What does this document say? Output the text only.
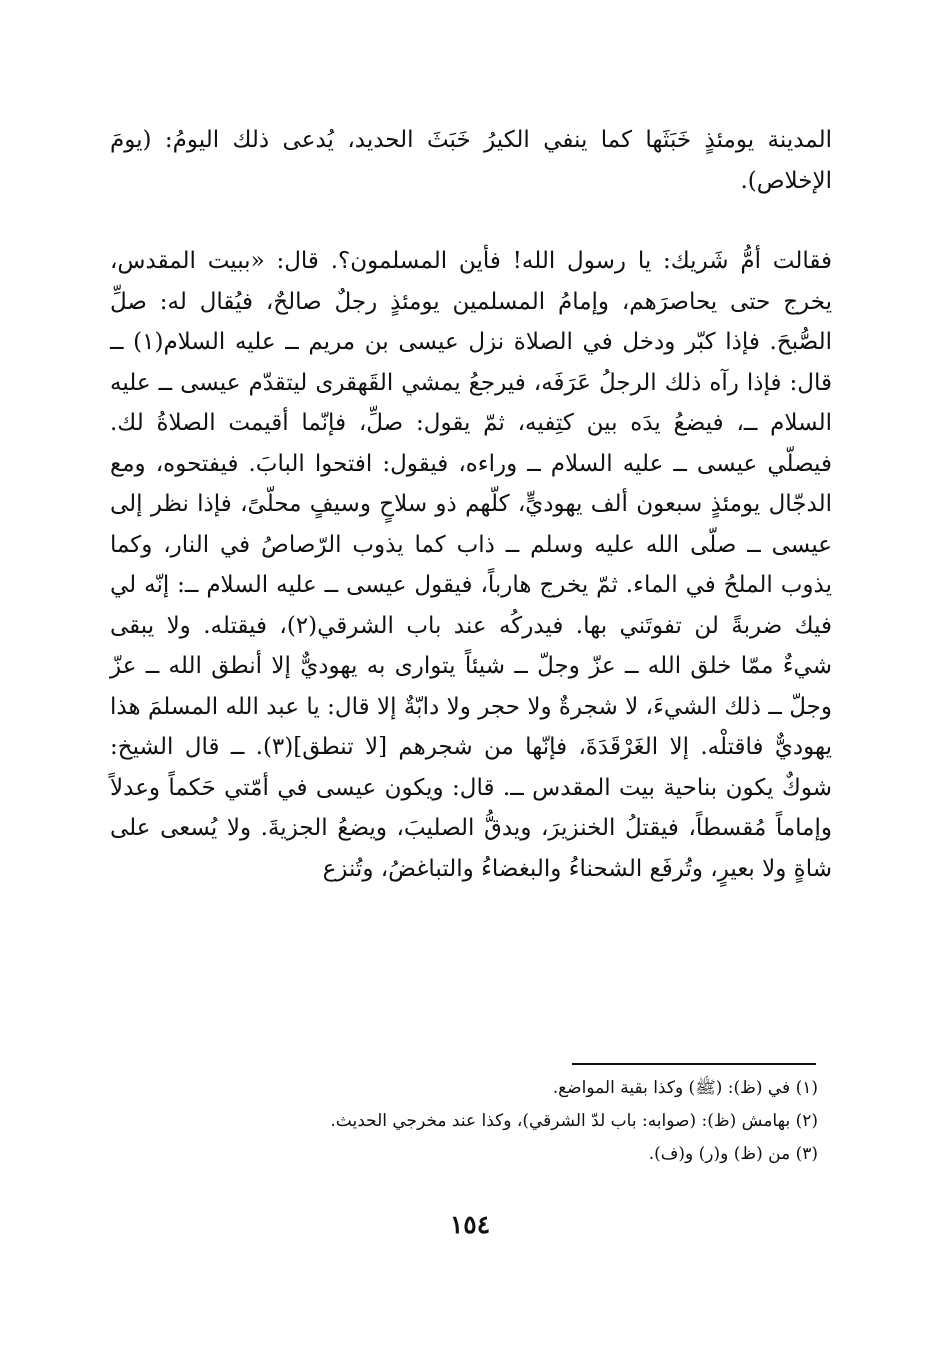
المدينة يومئذٍ خَبَثَها كما ينفي الكيرُ خَبَثَ الحديد، يُدعى ذلك اليومُ: (يومَ الإخلاص).

فقالت أمُّ شَريك: يا رسول الله! فأين المسلمون؟. قال: «ببيت المقدس، يخرج حتى يحاصرَهم، وإمامُ المسلمين يومئذٍ رجلٌ صالحٌ، فيُقال له: صلِّ الصُّبحَ. فإذا كبّر ودخل في الصلاة نزل عيسى بن مريم ــ عليه السلام(١) ــ قال: فإذا رآه ذلك الرجلُ عَرَفَه، فيرجعُ يمشي القَهقرى ليتقدّم عيسى ــ عليه السلام ــ، فيضعُ يدَه بين كتِفيه، ثمّ يقول: صلِّ، فإنّما أقيمت الصلاةُ لك. فيصلّي عيسى ــ عليه السلام ــ وراءه، فيقول: افتحوا البابَ. فيفتحوه، ومع الدجّال يومئذٍ سبعون ألف يهوديٍّ، كلّهم ذو سلاحٍ وسيفٍ محلّىً، فإذا نظر إلى عيسى ــ صلّى الله عليه وسلم ــ ذاب كما يذوب الرّصاصُ في النار، وكما يذوب الملحُ في الماء. ثمّ يخرج هارباً، فيقول عيسى ــ عليه السلام ــ: إنّه لي فيك ضربةً لن تفوتَني بها. فيدركُه عند باب الشرقي(٢)، فيقتله. ولا يبقى شيءٌ ممّا خلق الله ــ عزّ وجلّ ــ شيئاً يتوارى به يهوديٌّ إلا أنطق الله ــ عزّ وجلّ ــ ذلك الشيءَ، لا شجرةٌ ولا حجر ولا دابّةٌ إلا قال: يا عبد الله المسلمَ هذا يهوديٌّ فاقتلْه. إلا الغَرْقَدَةَ، فإنّها من شجرهم [لا تنطق](٣). ــ قال الشيخ: شوكٌ يكون بناحية بيت المقدس ــ. قال: ويكون عيسى في أمّتي حَكماً وعدلاً وإماماً مُقسطاً، فيقتلُ الخنزيرَ، ويدقُّ الصليبَ، ويضعُ الجزيةَ. ولا يُسعى على شاةٍ ولا بعيرٍ، وتُرفَع الشحناءُ والبغضاءُ والتباغضُ، وتُنزع

(١) في (ظ): (ﷺ) وكذا بقية المواضع.
(٢) بهامش (ظ): (صوابه: باب لدّ الشرقي)، وكذا عند مخرجي الحديث.
(٣) من (ظ) و(ر) و(ف).
١٥٤
